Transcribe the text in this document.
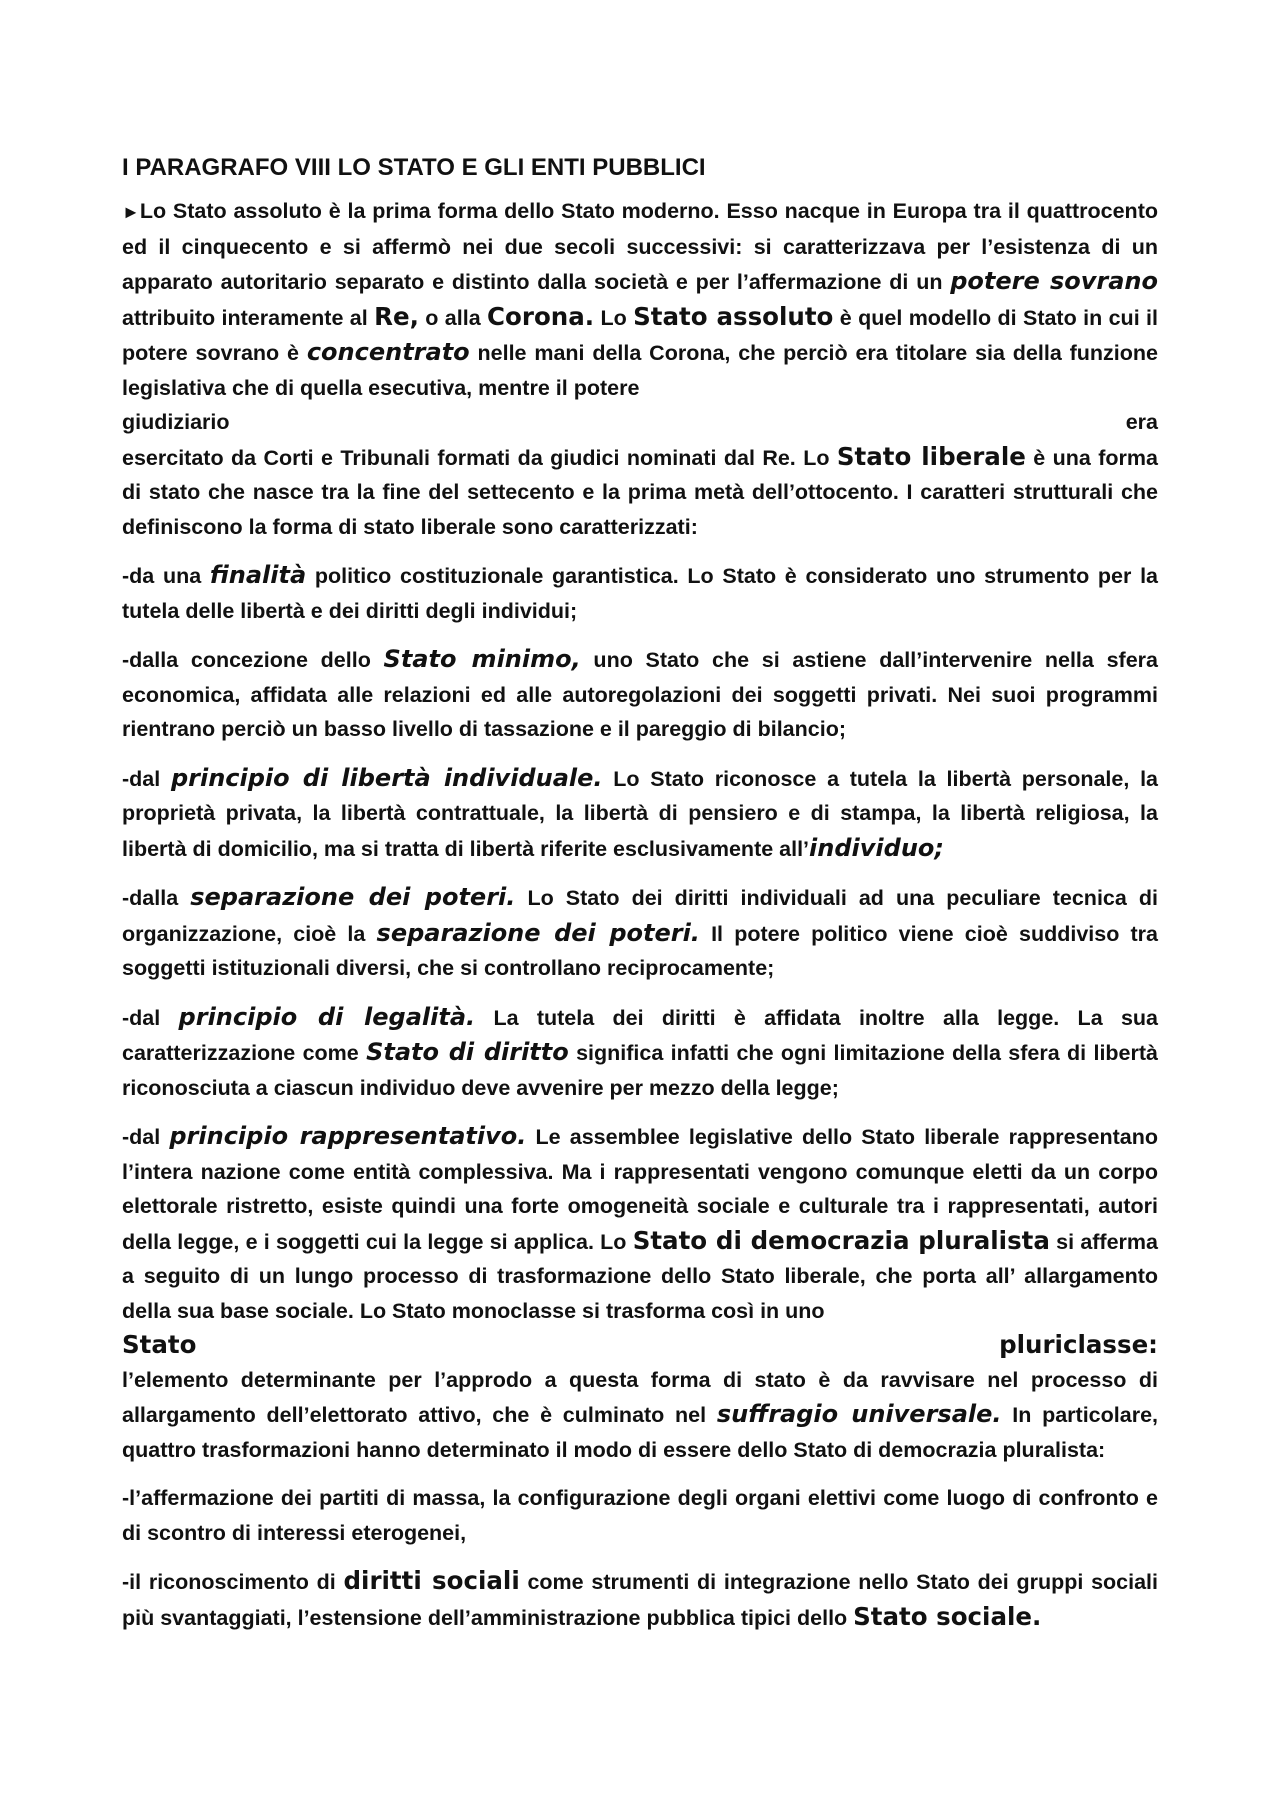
I PARAGRAFO VIII LO STATO E GLI ENTI PUBBLICI
►Lo Stato assoluto è la prima forma dello Stato moderno. Esso nacque in Europa tra il quattrocento ed il cinquecento e si affermò nei due secoli successivi: si caratterizzava per l’esistenza di un apparato autoritario separato e distinto dalla società e per l’affermazione di un potere sovrano attribuito interamente al Re, o alla Corona. Lo Stato assoluto è quel modello di Stato in cui il potere sovrano è concentrato nelle mani della Corona, che perciò era titolare sia della funzione legislativa che di quella esecutiva, mentre il potere
giudiziario	era
esercitato da Corti e Tribunali formati da giudici nominati dal Re. Lo Stato liberale è una forma di stato che nasce tra la fine del settecento e la prima metà dell’ottocento. I caratteri strutturali che definiscono la forma di stato liberale sono caratterizzati:
-da una finalità politico costituzionale garantistica. Lo Stato è considerato uno strumento per la tutela delle libertà e dei diritti degli individui;
-dalla concezione dello Stato minimo, uno Stato che si astiene dall’intervenire nella sfera economica, affidata alle relazioni ed alle autoregolazioni dei soggetti privati. Nei suoi programmi rientrano perciò un basso livello di tassazione e il pareggio di bilancio;
-dal principio di libertà individuale. Lo Stato riconosce a tutela la libertà personale, la proprietà privata, la libertà contrattuale, la libertà di pensiero e di stampa, la libertà religiosa, la libertà di domicilio, ma si tratta di libertà riferite esclusivamente all’individuo;
-dalla separazione dei poteri. Lo Stato dei diritti individuali ad una peculiare tecnica di organizzazione, cioè la separazione dei poteri. Il potere politico viene cioè suddiviso tra soggetti istituzionali diversi, che si controllano reciprocamente;
-dal principio di legalità. La tutela dei diritti è affidata inoltre alla legge. La sua caratterizzazione come Stato di diritto significa infatti che ogni limitazione della sfera di libertà riconosciuta a ciascun individuo deve avvenire per mezzo della legge;
-dal principio rappresentativo. Le assemblee legislative dello Stato liberale rappresentano l’intera nazione come entità complessiva. Ma i rappresentati vengono comunque eletti da un corpo elettorale ristretto, esiste quindi una forte omogeneità sociale e culturale tra i rappresentati, autori della legge, e i soggetti cui la legge si applica. Lo Stato di democrazia pluralista si afferma a seguito di un lungo processo di trasformazione dello Stato liberale, che porta all’ allargamento della sua base sociale. Lo Stato monoclasse si trasforma così in uno
Stato	pluriclasse:
l’elemento determinante per l’approdo a questa forma di stato è da ravvisare nel processo di allargamento dell’elettorato attivo, che è culminato nel suffragio universale. In particolare, quattro trasformazioni hanno determinato il modo di essere dello Stato di democrazia pluralista:
-l’affermazione dei partiti di massa, la configurazione degli organi elettivi come luogo di confronto e di scontro di interessi eterogenei,
-il riconoscimento di diritti sociali come strumenti di integrazione nello Stato dei gruppi sociali più svantaggiati, l’estensione dell’amministrazione pubblica tipici dello Stato sociale.
